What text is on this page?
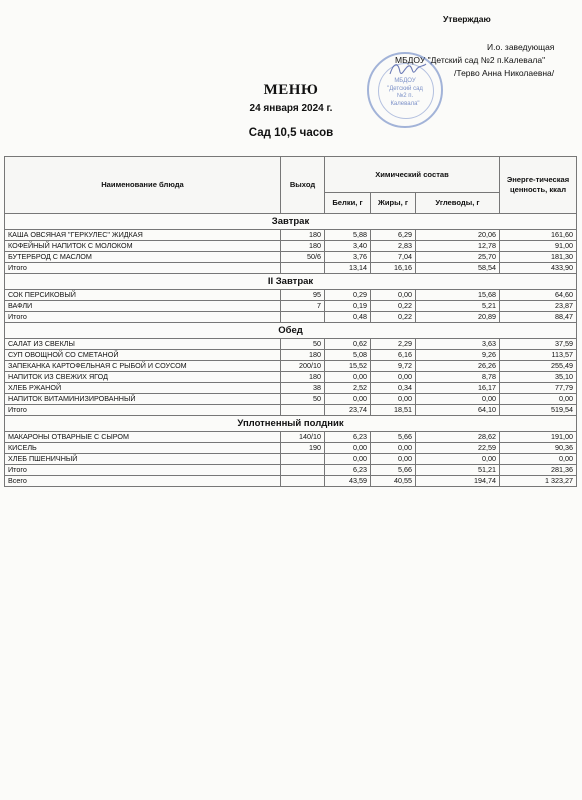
Утверждаю
И.о. заведующая
МБДОУ "Детский сад №2 п.Калевала"
/Терво Анна Николаевна/
МБДОУ "Детский сад №2 п. Калевала"
МЕНЮ
24 января 2024 г.
Сад 10,5 часов
Наименование блюда	Выход	Химический состав			Энерге-тическая ценность, ккал
		Белки, г	Жиры, г	Углеводы, г	
Завтрак					
КАША ОВСЯНАЯ "ГЕРКУЛЕС" ЖИДКАЯ	180	5,88	6,29	20,06	161,60
КОФЕЙНЫЙ НАПИТОК С МОЛОКОМ	180	3,40	2,83	12,78	91,00
БУТЕРБРОД С МАСЛОМ	50/6	3,76	7,04	25,70	181,30
Итого		13,14	16,16	58,54	433,90
II Завтрак					
СОК ПЕРСИКОВЫЙ	95	0,29	0,00	15,68	64,60
ВАФЛИ	7	0,19	0,22	5,21	23,87
Итого		0,48	0,22	20,89	88,47
Обед					
САЛАТ ИЗ СВЕКЛЫ	50	0,62	2,29	3,63	37,59
СУП ОВОЩНОЙ СО СМЕТАНОЙ	180	5,08	6,16	9,26	113,57
ЗАПЕКАНКА КАРТОФЕЛЬНАЯ С РЫБОЙ И СОУСОМ	200/10	15,52	9,72	26,26	255,49
НАПИТОК ИЗ СВЕЖИХ ЯГОД	180	0,00	0,00	8,78	35,10
ХЛЕБ РЖАНОЙ	38	2,52	0,34	16,17	77,79
НАПИТОК ВИТАМИНИЗИРОВАННЫЙ	50	0,00	0,00	0,00	0,00
Итого		23,74	18,51	64,10	519,54
Уплотненный полдник					
МАКАРОНЫ ОТВАРНЫЕ С СЫРОМ	140/10	6,23	5,66	28,62	191,00
КИСЕЛЬ	190	0,00	0,00	22,59	90,36
ХЛЕБ ПШЕНИЧНЫЙ		0,00	0,00	0,00	0,00
Итого		6,23	5,66	51,21	281,36
Всего		43,59	40,55	194,74	1 323,27
